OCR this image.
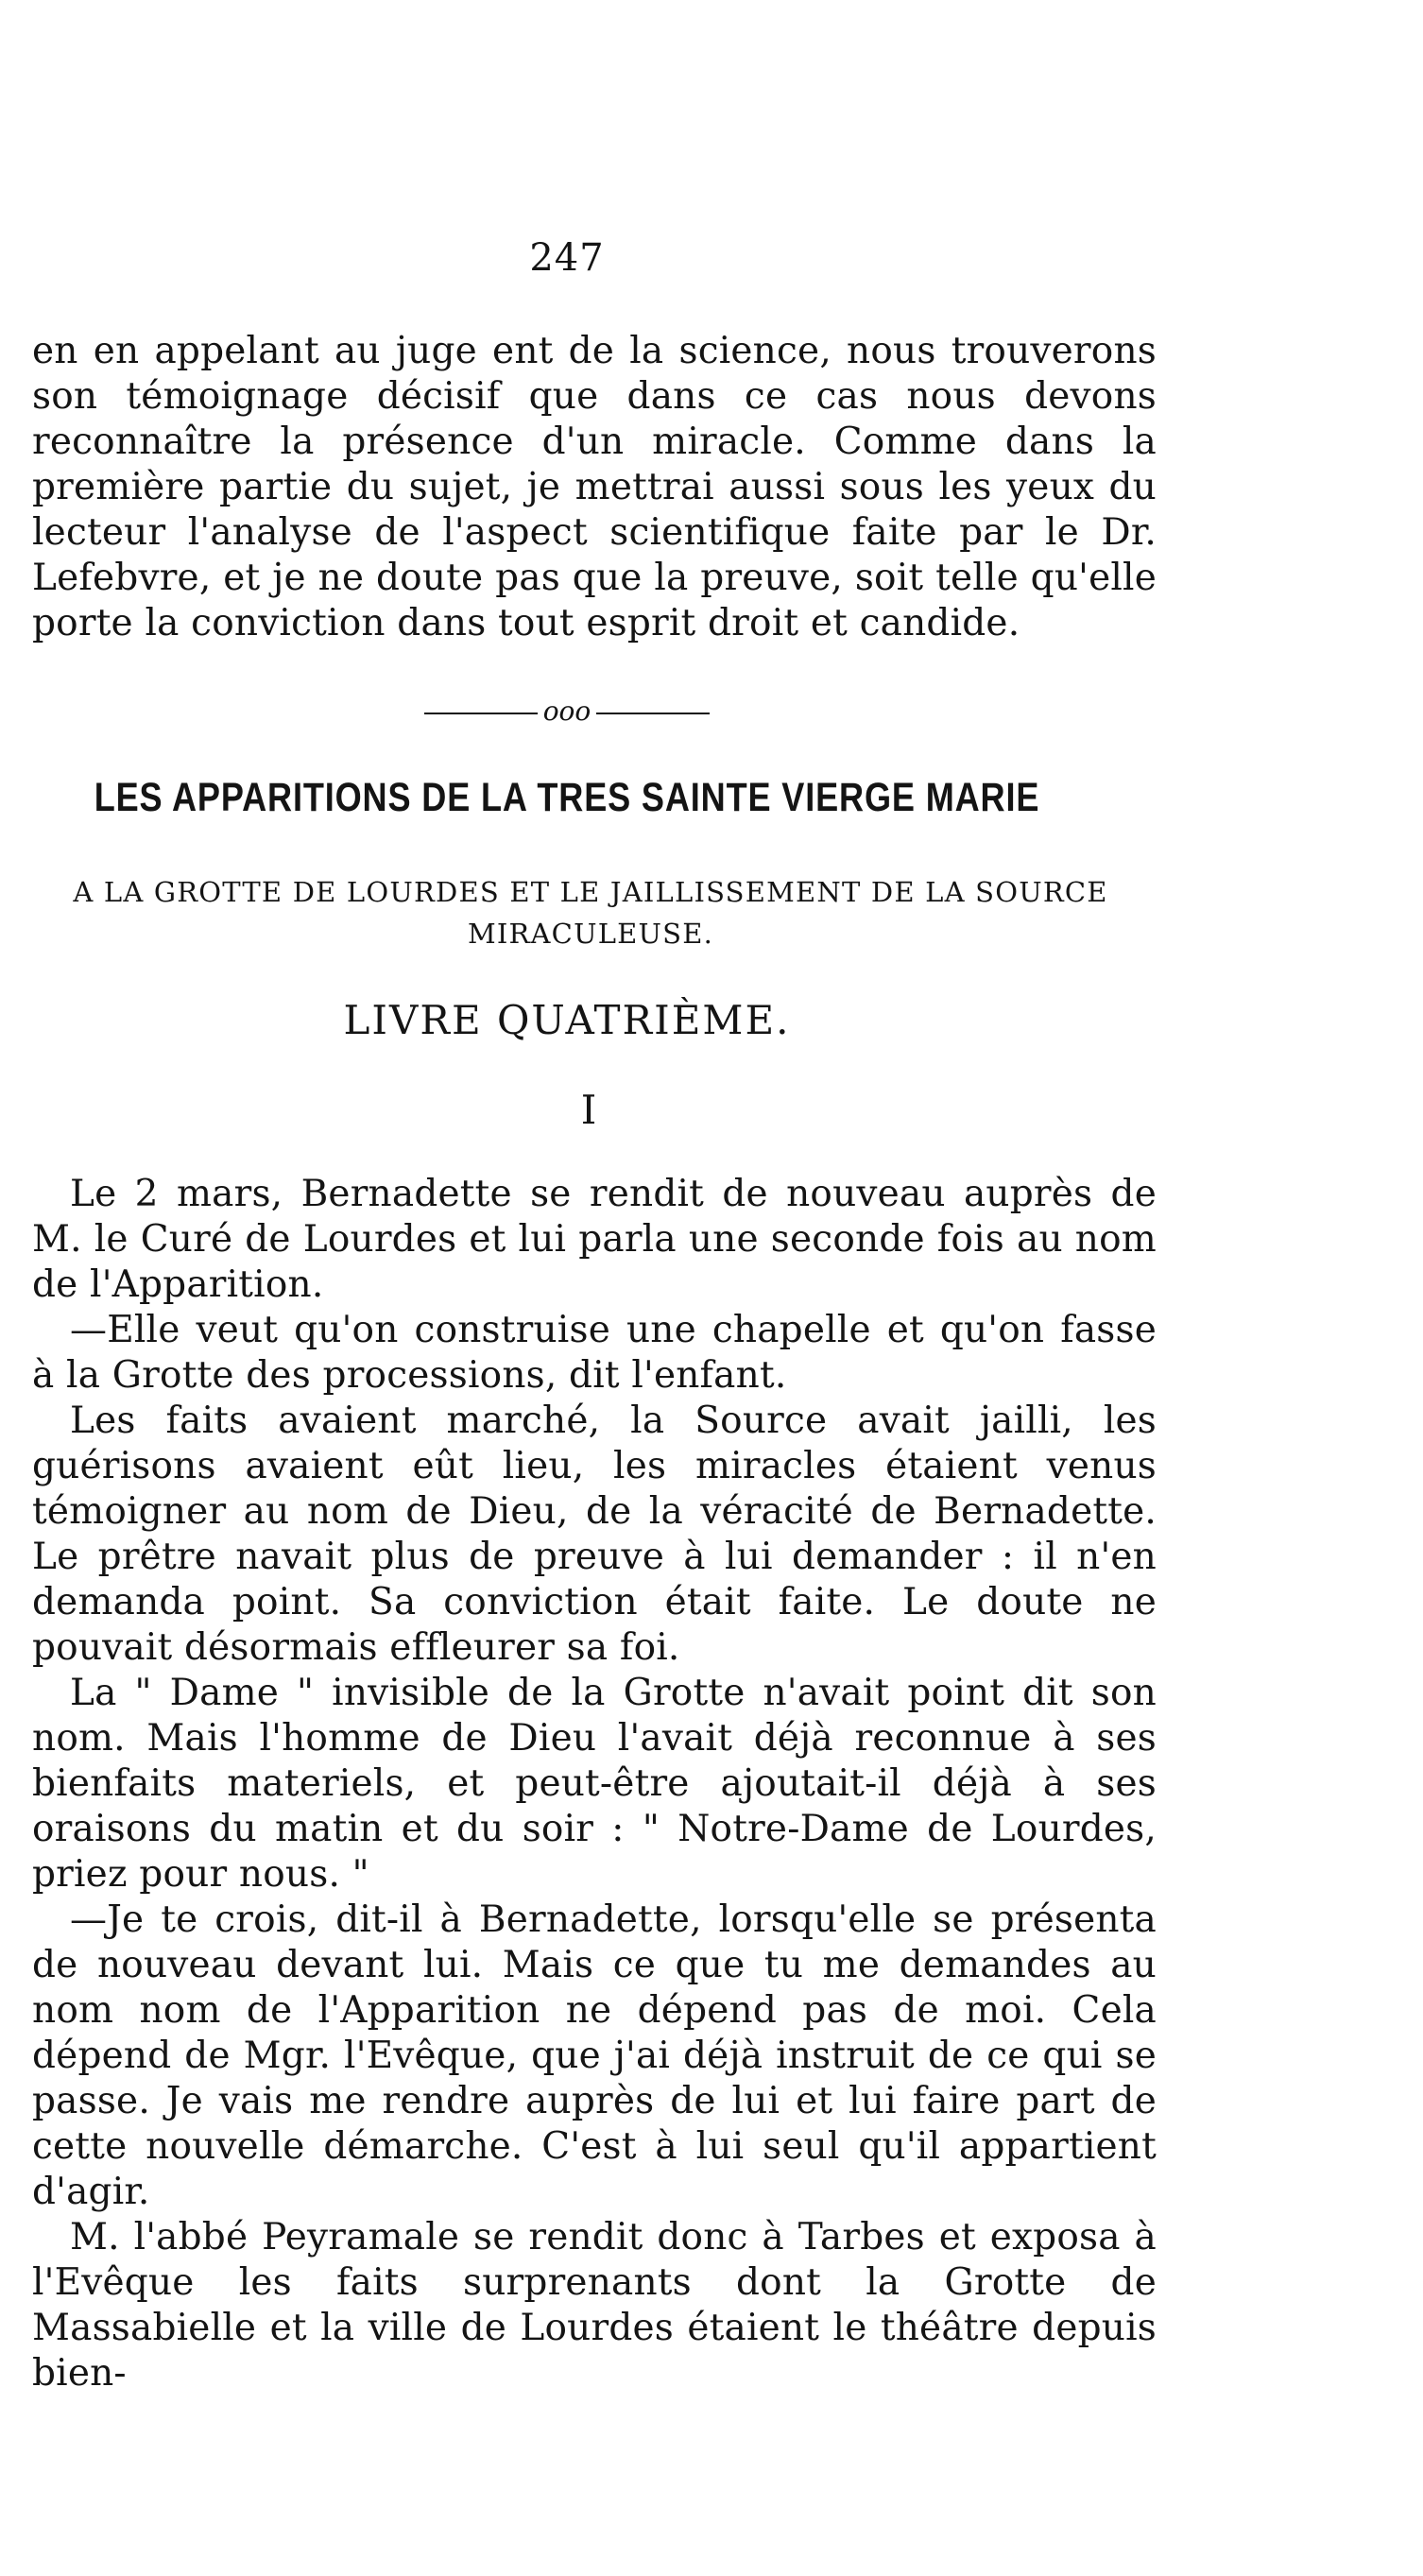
247

en en appelant au juge ent de la science, nous trouverons son témoignage décisif que dans ce cas nous devons reconnaître la présence d'un miracle. Comme dans la première partie du sujet, je mettrai aussi sous les yeux du lecteur l'analyse de l'aspect scientifique faite par le Dr. Lefebvre, et je ne doute pas que la preuve, soit telle qu'elle porte la conviction dans tout esprit droit et candide.

ooo
LES APPARITIONS DE LA TRES SAINTE VIERGE MARIE
A LA GROTTE DE LOURDES ET LE JAILLISSEMENT DE LA SOURCE MIRACULEUSE.
LIVRE QUATRIÈME.
I

Le 2 mars, Bernadette se rendit de nouveau auprès de M. le Curé de Lourdes et lui parla une seconde fois au nom de l'Apparition.

—Elle veut qu'on construise une chapelle et qu'on fasse à la Grotte des processions, dit l'enfant.

Les faits avaient marché, la Source avait jailli, les guérisons avaient eût lieu, les miracles étaient venus témoigner au nom de Dieu, de la véracité de Bernadette. Le prêtre navait plus de preuve à lui demander : il n'en demanda point. Sa conviction était faite. Le doute ne pouvait désormais effleurer sa foi.

La " Dame " invisible de la Grotte n'avait point dit son nom. Mais l'homme de Dieu l'avait déjà reconnue à ses bienfaits materiels, et peut-être ajoutait-il déjà à ses oraisons du matin et du soir : " Notre-Dame de Lourdes, priez pour nous. "

—Je te crois, dit-il à Bernadette, lorsqu'elle se présenta de nouveau devant lui. Mais ce que tu me demandes au nom nom de l'Apparition ne dépend pas de moi. Cela dépend de Mgr. l'Evêque, que j'ai déjà instruit de ce qui se passe. Je vais me rendre auprès de lui et lui faire part de cette nouvelle démarche. C'est à lui seul qu'il appartient d'agir.

M. l'abbé Peyramale se rendit donc à Tarbes et exposa à l'Evêque les faits surprenants dont la Grotte de Massabielle et la ville de Lourdes étaient le théâtre depuis bien-
